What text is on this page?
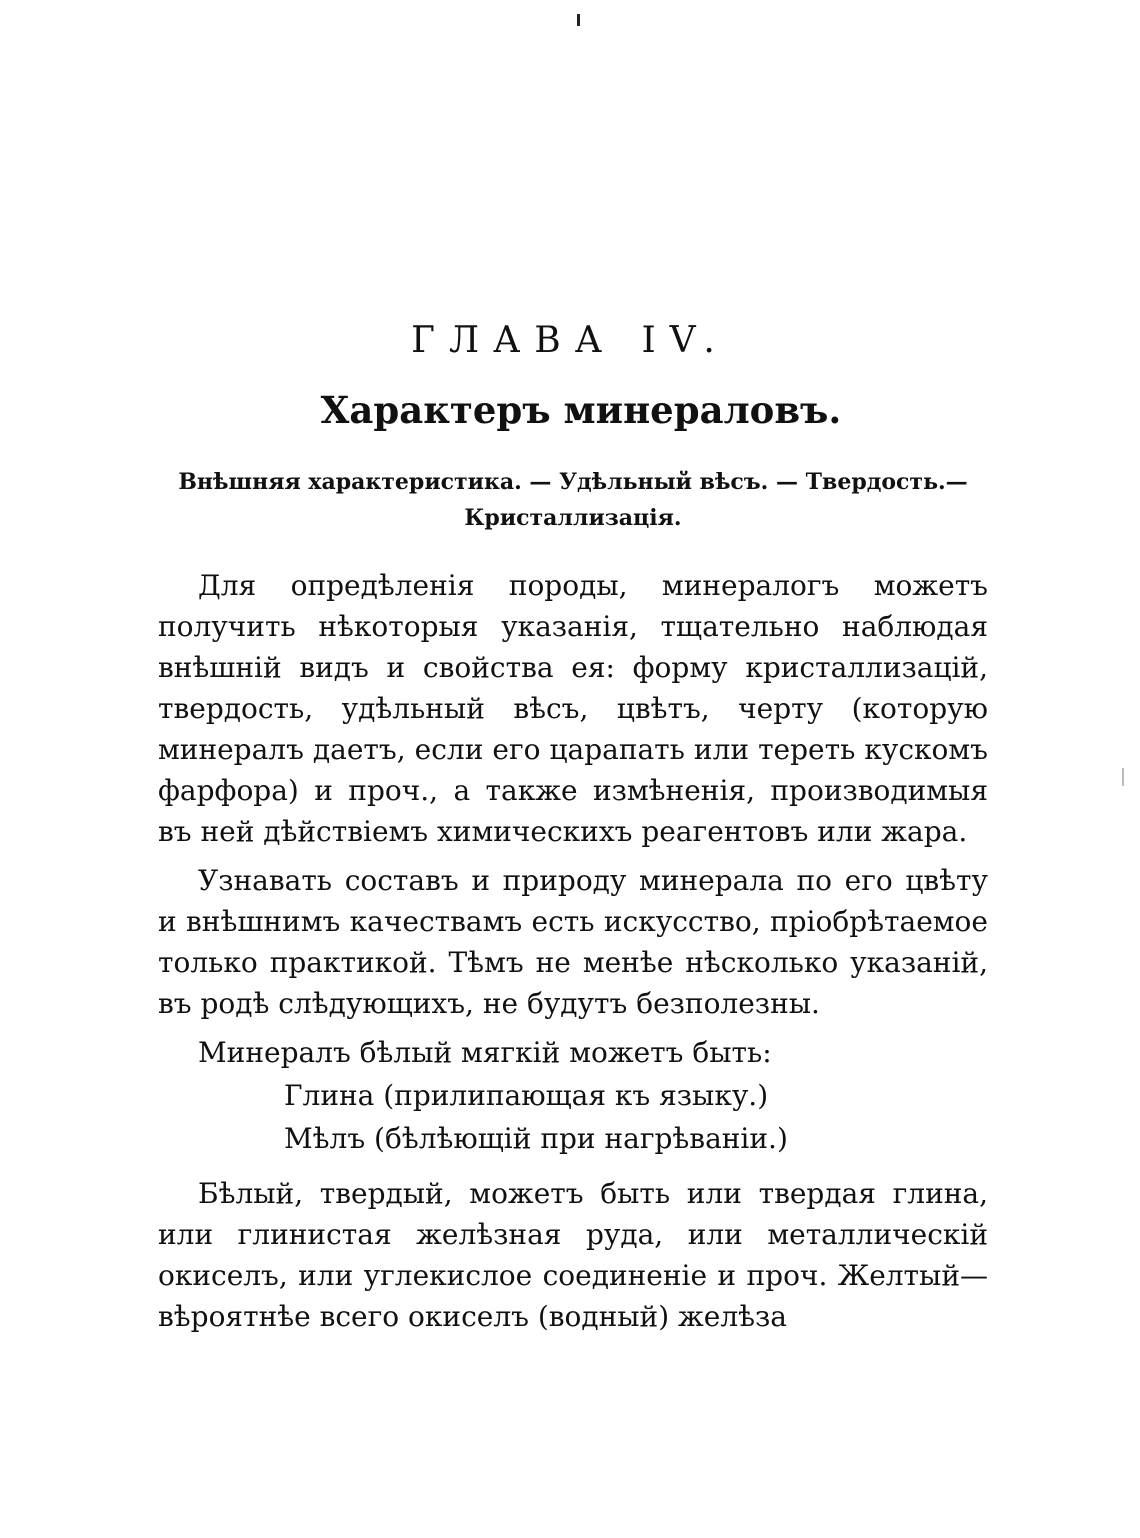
ГЛАВА IV.
Характеръ минераловъ.

Внѣшняя характеристика. — Удѣльный вѣсъ. — Твердость.— Кристаллизація.

Для опредѣленія породы, минералогъ можетъ получить нѣкоторыя указанія, тщательно наблюдая внѣшній видъ и свойства ея: форму кристаллизацій, твердость, удѣльный вѣсъ, цвѣтъ, черту (которую минералъ даетъ, если его царапать или тереть кускомъ фарфора) и проч., а также измѣненія, производимыя въ ней дѣйствіемъ химическихъ реагентовъ или жара.

Узнавать составъ и природу минерала по его цвѣту и внѣшнимъ качествамъ есть искусство, пріобрѣтаемое только практикой. Тѣмъ не менѣе нѣсколько указаній, въ родѣ слѣдующихъ, не будутъ безполезны.

Минералъ бѣлый мягкій можетъ быть:

Глина (прилипающая къ языку.)

Мѣлъ (бѣлѣющій при нагрѣваніи.)

Бѣлый, твердый, можетъ быть или твердая глина, или глинистая желѣзная руда, или металлическій окиселъ, или углекислое соединеніе и проч. Желтый—вѣроятнѣе всего окиселъ (водный) желѣза
